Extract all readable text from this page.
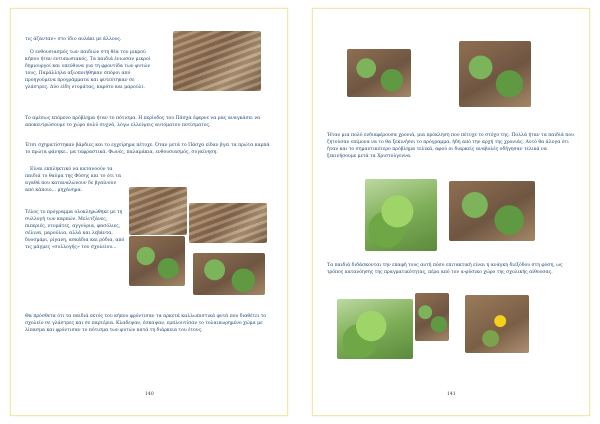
τις άζανταν» στο ίδιο αυλάκι με άλλους.

Ο ενθουσιασμός των παιδιών στη θέα του μικρού κήπου ήταν εντυπωσιακός. Τα παιδιά ένιωσαν μικροί δημιουργοί και υπεύθυνα για τη φροντίδα των φυτών τους. Παράλληλα αξιοποιήθηκαν σπόροι από προηγούμενα προγράμματα και φυτεύτηκαν σε γλάστρες. Δύο είδη ντομάτας, καρότο και μαρούλι.

Το αμέσως επόμενο πρόβλημα ήταν το πότισμα. Η περίοδος του Πάσχα έφερνε να μας αναγκάσει να αποκεντρώσουμε το χώρο πολύ συχνά, λόγω ελλείψεις αυτόματου ποτίσματος.

Έτσι σχηματίστηκαν βάρδιες και το εγχείρημα πέτυχε. Όταν μετά το Πάσχα είδαν βγει τα πρώτα καρπά το πρώτα φάνηκε.. μα ταφραστικά. Φωνές, παλαμάκια, ενθουσιασμός, συγκίνηση.

Είναι εκπληκτικό να κατανοούν τα παιδιά το θαύμα της Φύσης και το ότι τα αγαθά που καταναλώνουν δε βγαίνουν από κάποιο... μηχάνημα.

Τέλος το πρόγραμμα ολοκληρώθηκε με τη συλλογή των καρπών. Μελιτζάνες, πιπεριές, ντομάτες, αγγούρια, φασόλιες, σέλινα, μαρούλια, αλλά και λεβάντα, δυοσμάρι, ρίγανη, ασκάδια και ρόδια, από τις μάγμες «συλλογής» του σχολείου...

Θα πρόσθετα ότι τα παιδιά εκτός του κήπου φρόντισαν τα αρκετά καλλωπιστικά φυτά που διαθέτει το σχολείο σε γλάστρες και σε παρτέρια. Κλαδεψαν, έσκαψαν, εμπλουτίσαν το τολαιπωρημένο χώμα με λίπασμα και φρόντισαν το πότισμα των φυτών κατά τη διάρκεια του έτους.

140

Ήταν μια πολύ ενδιαφέρουσα χρονιά, μια πρόκληση που πέτυχε το στόχο της. Πολλά ήταν τα παιδιά που ζητούσαν επίμονα να το θα ξεκινήσει το πρόγραμμα, ήδη από την αρχή της χρονιάς. Αυτό θα άλογα ότι ήταν και το σημαντικότερο πρόβλημα τελικά, αφού οι διαρκείς αναβολές οδήγησαν τελικά να ξεκινήσουμε μετά τα Χριστούγεννα.

Τα παιδιά διδάσκονται την επαφή τους αυτή πόσο επιτακτική είναι η ανάγκη διεξόδου στη φύση, ως τρόπος κατανόησης της πραγματικότητας, πέρα από τον α-φύσικο χώρο της σχολικής αίθουσας.

141
